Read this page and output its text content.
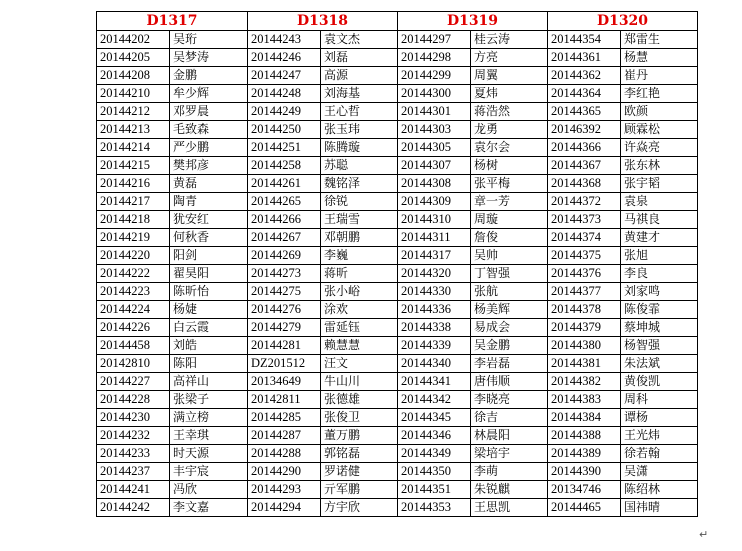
D1317		D1318		D1319		D1320	
20144202	吴珩	20144243	袁文杰	20144297	桂云涛	20144354	郑雷生
20144205	吴梦涛	20144246	刘磊	20144298	方亮	20144361	杨慧
20144208	金鹏	20144247	高源	20144299	周翼	20144362	崔丹
20144210	牟少辉	20144248	刘海基	20144300	夏炜	20144364	李红艳
20144212	邓罗晨	20144249	王心哲	20144301	蒋浩然	20144365	欧颜
20144213	毛致森	20144250	张玉玮	20144303	龙勇	20146392	顾霖松
20144214	严少鹏	20144251	陈腾璇	20144305	袁尔会	20144366	许焱亮
20144215	樊邦彦	20144258	苏聪	20144307	杨树	20144367	张东林
20144216	黄磊	20144261	魏铭泽	20144308	张平梅	20144368	张宇韬
20144217	陶青	20144265	徐锐	20144309	章一芳	20144372	袁泉
20144218	犹安红	20144266	王瑞雪	20144310	周璇	20144373	马祺良
20144219	何秋香	20144267	邓朝鹏	20144311	詹俊	20144374	黄建才
20144220	阳剑	20144269	李巍	20144317	吴帅	20144375	张旭
20144222	翟昊阳	20144273	蒋昕	20144320	丁智强	20144376	李良
20144223	陈昕怡	20144275	张小峪	20144330	张航	20144377	刘家鸣
20144224	杨婕	20144276	涂欢	20144336	杨美辉	20144378	陈俊霏
20144226	白云霞	20144279	雷延钰	20144338	易成会	20144379	蔡坤城
20144458	刘皓	20144281	赖慧慧	20144339	吴金鹏	20144380	杨智强
20142810	陈阳	DZ201512	汪文	20144340	李岩磊	20144381	朱法斌
20144227	高祥山	20134649	牛山川	20144341	唐伟顺	20144382	黄俊凯
20144228	张梁子	20142811	张德雄	20144342	李晓亮	20144383	周科
20144230	满立榜	20144285	张俊卫	20144345	徐吉	20144384	谭杨
20144232	王幸琪	20144287	董万鹏	20144346	林晨阳	20144388	王光炜
20144233	时天源	20144288	郭铭磊	20144349	梁培宇	20144389	徐若翰
20144237	丰宇宸	20144290	罗诺健	20144350	李萌	20144390	吴潇
20144241	冯欣	20144293	亓军鹏	20144351	朱锐麒	20134746	陈绍林
20144242	李文嘉	20144294	方宇欣	20144353	王思凯	20144465	国祎晴
↵
